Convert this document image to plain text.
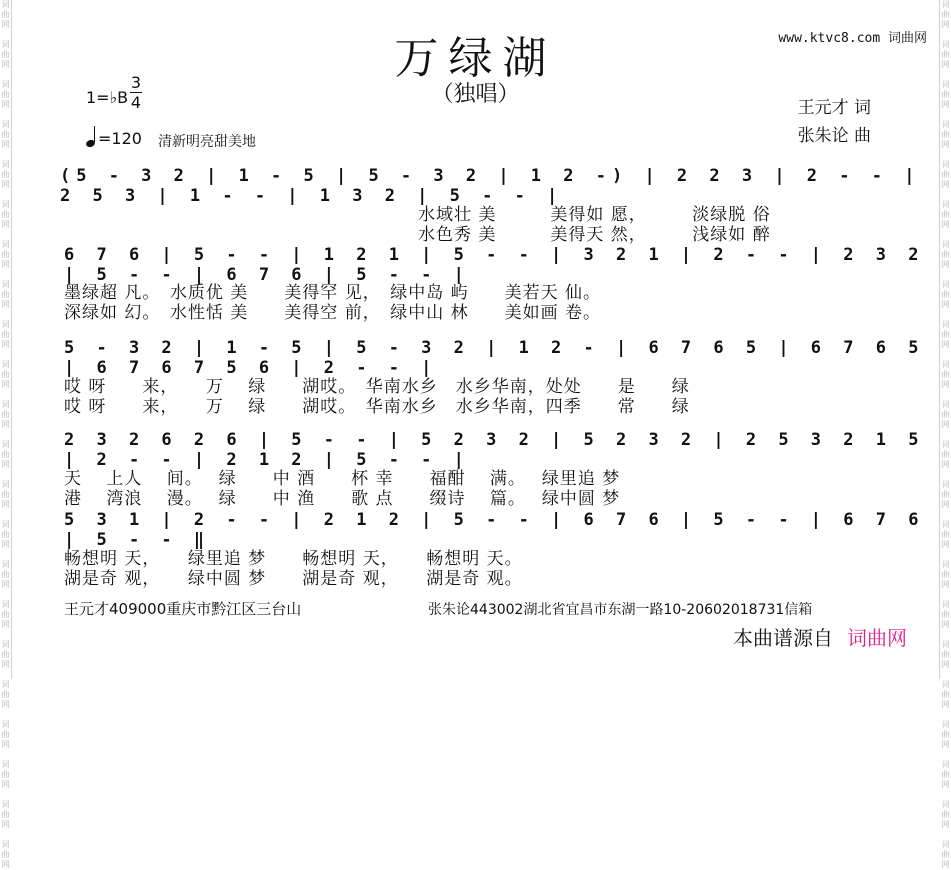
词
曲
网

词
曲
网

词
曲
网

词
曲
网

词
曲
网

词
曲
网

词
曲
网

词
曲
网

词
曲
网

词
曲
网

词
曲
网

词
曲
网

词
曲
网

词
曲
网

词
曲
网

词
曲
网

词
曲
网

词
曲
网

词
曲
网

词
曲
网

词
曲
网

词
曲
网

词
曲
网

词
曲
网

词
曲
网

词
曲
网

词
曲
网

词
曲
网

词
曲
网

词
曲
网

词
曲
网

词
曲
网

词
曲
网

词
曲
网

词
曲
网

词
曲
网

词
曲
网

词
曲
网

词
曲
网

词
曲
网

词
曲
网

词
曲
网

词
曲
网

词
曲
网

www.ktvc8.com 词曲网
万绿湖
（独唱）
1=♭B
3
4
=120 清新明亮甜美地
王元才 词
张朱论 曲
(5 - 3 2 | 1 - 5 | 5 - 3 2 | 1 2 -) | 2 2 3 | 2 - - | 2 5 3 | 1 - - | 1 3 2 | 5 - - |
水域壮 美　　　美得如 愿，　　　淡绿脱 俗
水色秀 美　　　美得天 然，　　　浅绿如 醉
6 7 6 | 5 - - | 1 2 1 | 5 - - | 3 2 1 | 2 - - | 2 3 2 | 5 - - | 6 7 6 | 5 - - |
墨绿超 凡。　水质优 美　　美得罕 见，　绿中岛 屿　　美若天 仙。
深绿如 幻。　水性恬 美　　美得空 前，　绿中山 林　　美如画 卷。
5 - 3 2 | 1 - 5 | 5 - 3 2 | 1 2 - | 6 7 6 5 | 6 7 6 5 | 6 7 6 7 5 6 | 2 - - |
哎 呀　　来，　　万　 绿　　湖哎。　华南水乡　水乡华南，处处　　是　　绿
哎 呀　　来，　　万　 绿　　湖哎。　华南水乡　水乡华南，四季　　常　　绿
2 3 2 6 2 6 | 5 - - | 5 2 3 2 | 5 2 3 2 | 2 5 3 2 1 5 | 2 - - | 2 1 2 | 5 - - |
天　 上人　 间。　 绿　　中 酒　　杯 幸　　福酣　 满。　 绿里追 梦
港　 湾浪　 漫。　 绿　　中 渔　　歌 点　　缀诗　 篇。　 绿中圆 梦
5 3 1 | 2 - - | 2 1 2 | 5 - - | 6 7 6 | 5 - - | 6 7 6 | 5 - - ‖
畅想明 天，　　绿里追 梦　　畅想明 天，　　畅想明 天。
湖是奇 观，　　绿中圆 梦　　湖是奇 观，　　湖是奇 观。
王元才409000重庆市黔江区三台山	张朱论443002湖北省宜昌市东湖一路10-20602018731信箱
本曲谱源自 词曲网
